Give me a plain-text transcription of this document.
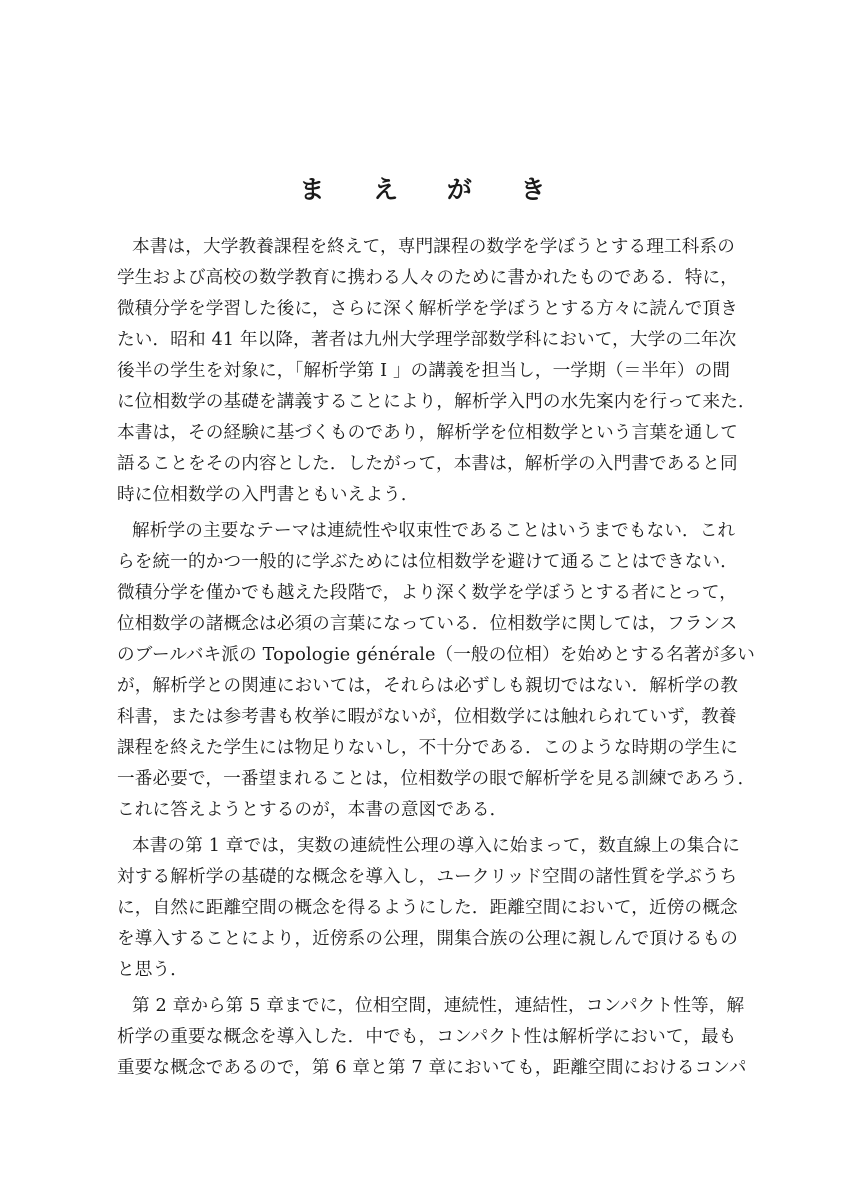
ま え が き
本書は，大学教養課程を終えて，専門課程の数学を学ぼうとする理工科系の
学生および高校の数学教育に携わる人々のために書かれたものである．特に，
微積分学を学習した後に，さらに深く解析学を学ぼうとする方々に読んで頂き
たい．昭和 41 年以降，著者は九州大学理学部数学科において，大学の二年次
後半の学生を対象に，「解析学第 I 」の講義を担当し，一学期（＝半年）の間
に位相数学の基礎を講義することにより，解析学入門の水先案内を行って来た．
本書は，その経験に基づくものであり，解析学を位相数学という言葉を通して
語ることをその内容とした．したがって，本書は，解析学の入門書であると同
時に位相数学の入門書ともいえよう．
解析学の主要なテーマは連続性や収束性であることはいうまでもない．これ
らを統一的かつ一般的に学ぶためには位相数学を避けて通ることはできない．
微積分学を僅かでも越えた段階で，より深く数学を学ぼうとする者にとって，
位相数学の諸概念は必須の言葉になっている．位相数学に関しては，フランス
のブールバキ派の Topologie générale（一般の位相）を始めとする名著が多い
が，解析学との関連においては，それらは必ずしも親切ではない．解析学の教
科書，または参考書も枚挙に暇がないが，位相数学には触れられていず，教養
課程を終えた学生には物足りないし，不十分である．このような時期の学生に
一番必要で，一番望まれることは，位相数学の眼で解析学を見る訓練であろう．
これに答えようとするのが，本書の意図である．
本書の第 1 章では，実数の連続性公理の導入に始まって，数直線上の集合に
対する解析学の基礎的な概念を導入し，ユークリッド空間の諸性質を学ぶうち
に，自然に距離空間の概念を得るようにした．距離空間において，近傍の概念
を導入することにより，近傍系の公理，開集合族の公理に親しんで頂けるもの
と思う．
第 2 章から第 5 章までに，位相空間，連続性，連結性，コンパクト性等，解
析学の重要な概念を導入した．中でも，コンパクト性は解析学において，最も
重要な概念であるので，第 6 章と第 7 章においても，距離空間におけるコンパ
